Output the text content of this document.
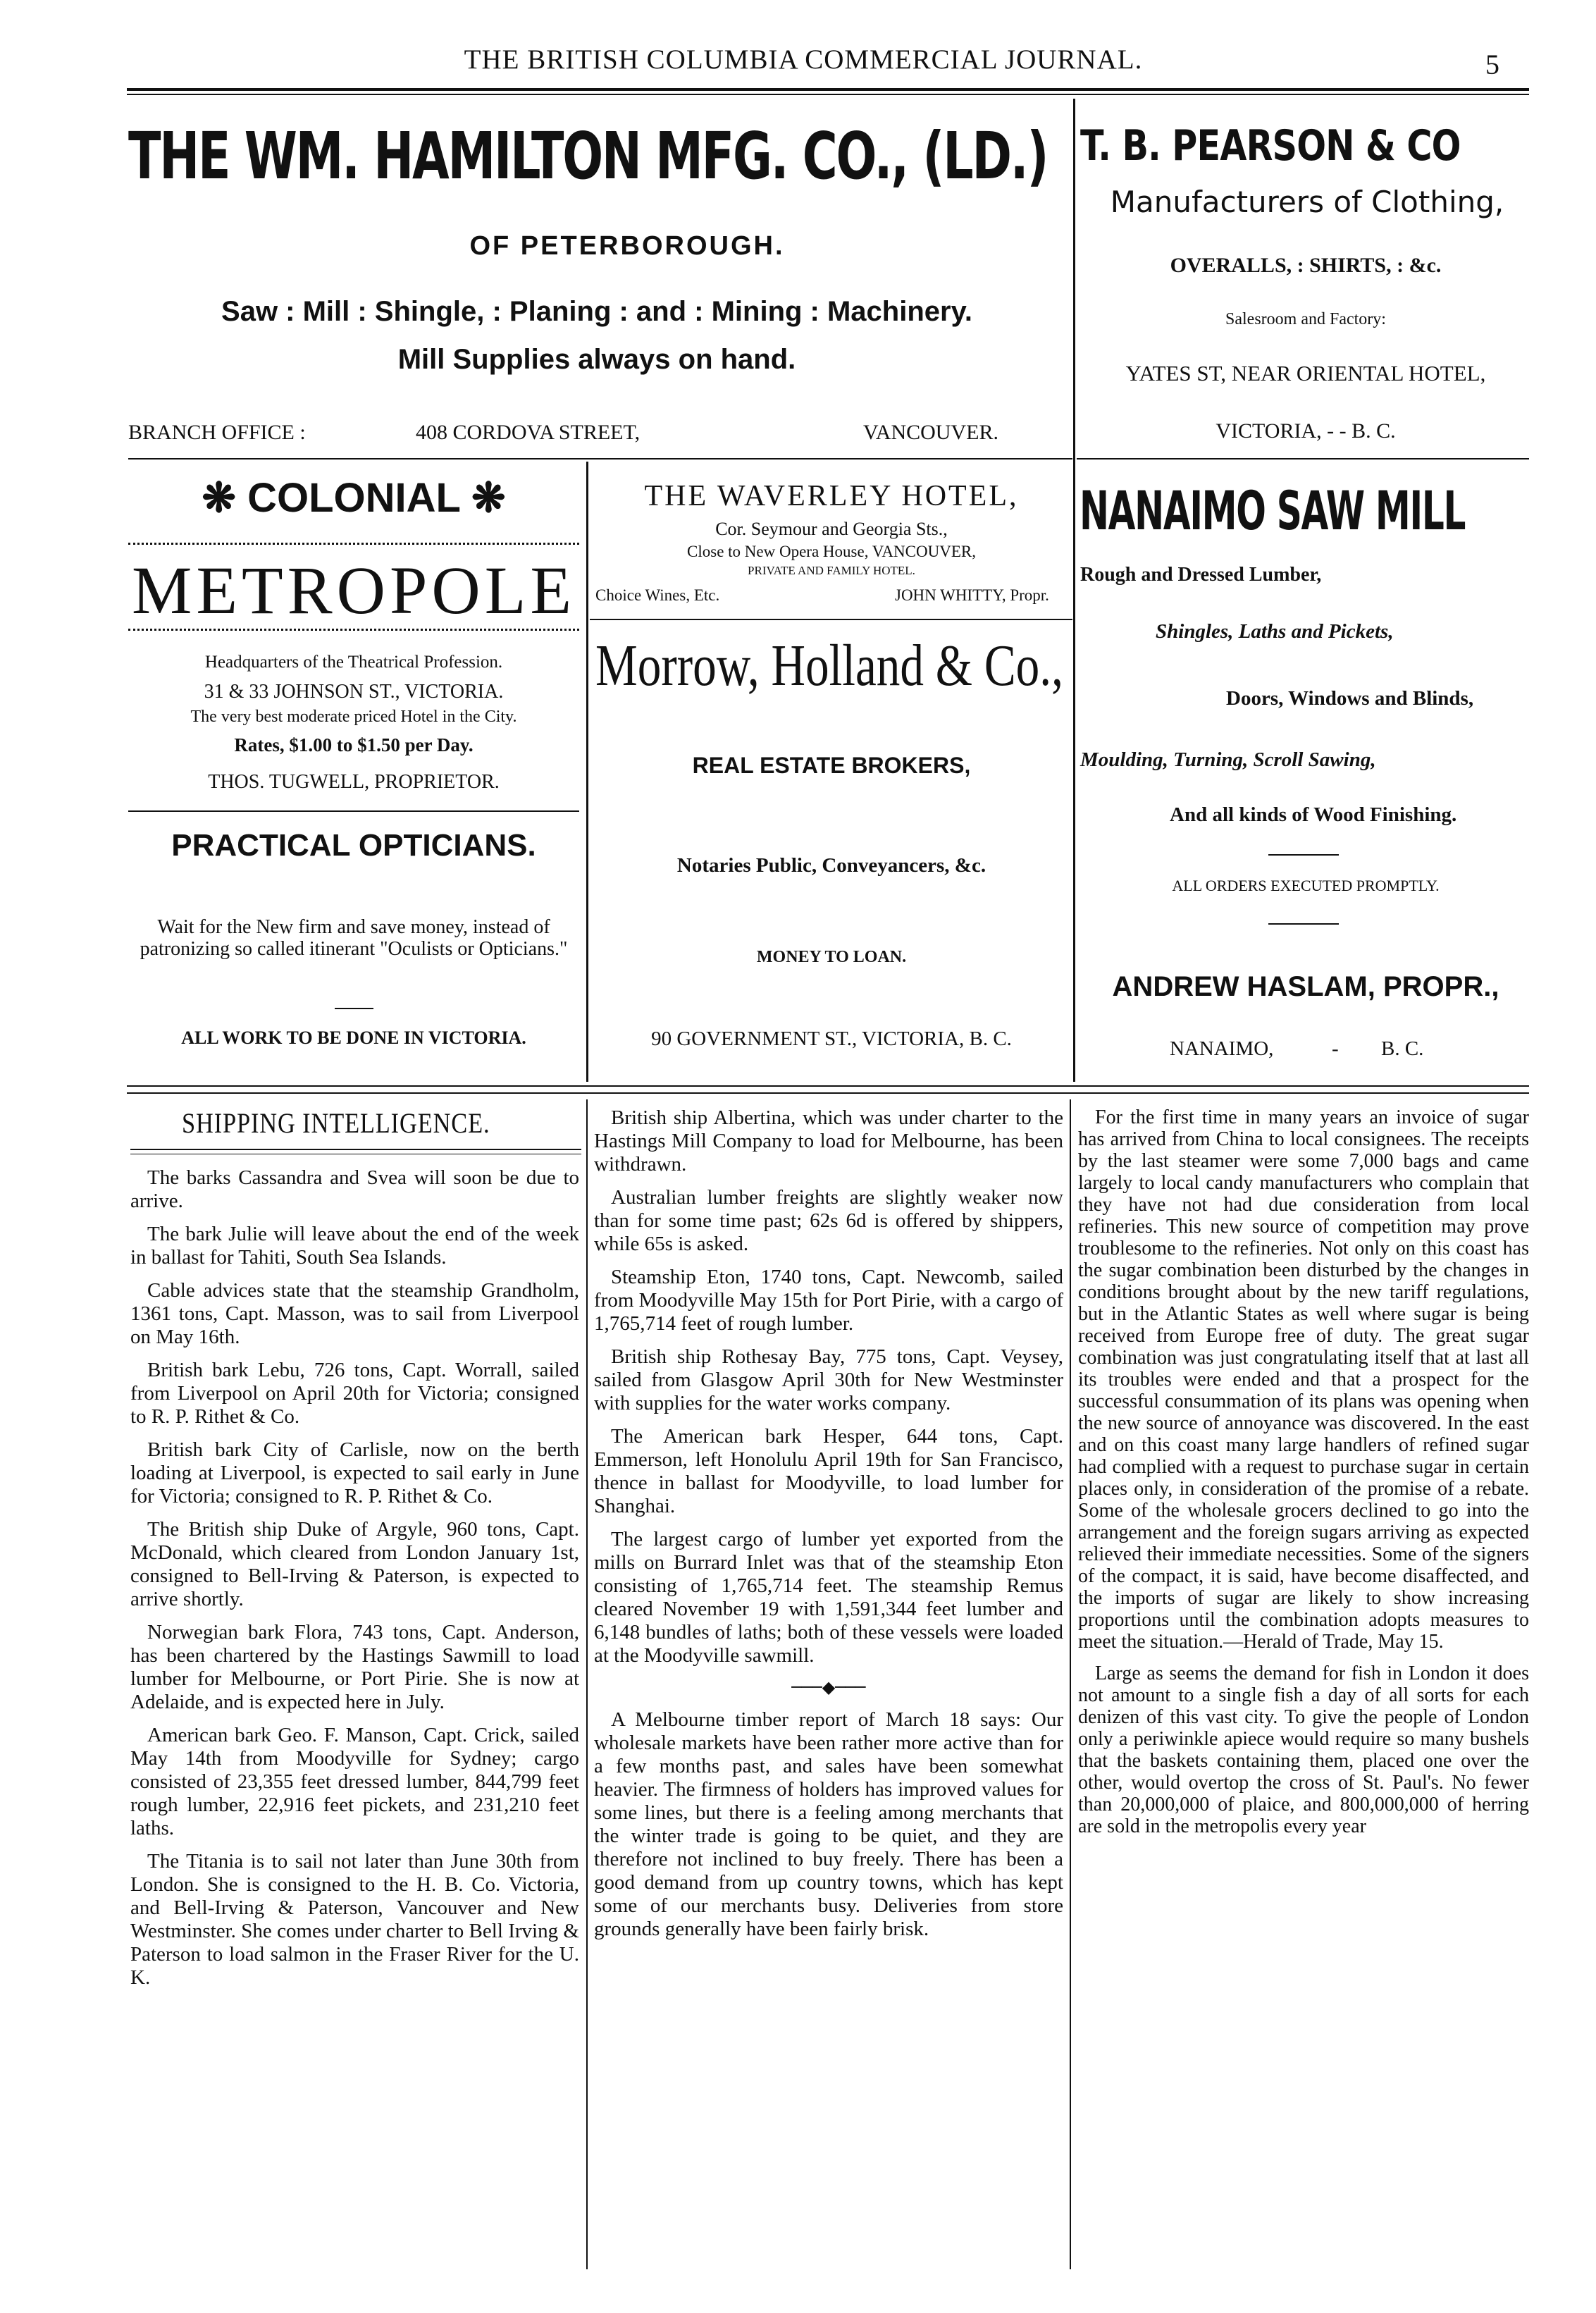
THE BRITISH COLUMBIA COMMERCIAL JOURNAL.	5
THE WM. HAMILTON MFG. CO., (LD.)
OF PETERBOROUGH.
Saw : Mill : Shingle, : Planing : and : Mining : Machinery.
Mill Supplies always on hand.
BRANCH OFFICE :	408 CORDOVA STREET,	VANCOUVER.
T. B. PEARSON & CO
Manufacturers of Clothing,
OVERALLS, : SHIRTS, : &c.
Salesroom and Factory:
YATES ST, NEAR ORIENTAL HOTEL,
VICTORIA, - - B. C.
❋ COLONIAL ❋
METROPOLE
Headquarters of the Theatrical Profession.
31 & 33 JOHNSON ST., VICTORIA.
The very best moderate priced Hotel in the City.
Rates, $1.00 to $1.50 per Day.
THOS. TUGWELL, PROPRIETOR.
PRACTICAL OPTICIANS.
Wait for the New firm and save money, instead of patronizing so called itinerant "Oculists or Opticians."
ALL WORK TO BE DONE IN VICTORIA.
THE WAVERLEY HOTEL,
Cor. Seymour and Georgia Sts.,
Close to New Opera House, VANCOUVER,
PRIVATE AND FAMILY HOTEL.
Choice Wines, Etc.	JOHN WHITTY, Propr.
Morrow, Holland & Co.,
REAL ESTATE BROKERS,
Notaries Public, Conveyancers, &c.
MONEY TO LOAN.
90 GOVERNMENT ST., VICTORIA, B. C.
NANAIMO SAW MILL
Rough and Dressed Lumber,
Shingles, Laths and Pickets,
Doors, Windows and Blinds,
Moulding, Turning, Scroll Sawing,
And all kinds of Wood Finishing.
ALL ORDERS EXECUTED PROMPTLY.
ANDREW HASLAM, PROPR.,
NANAIMO,	- B. C.
SHIPPING INTELLIGENCE.

The barks Cassandra and Svea will soon be due to arrive.

The bark Julie will leave about the end of the week in ballast for Tahiti, South Sea Islands.

Cable advices state that the steamship Grandholm, 1361 tons, Capt. Masson, was to sail from Liverpool on May 16th.

British bark Lebu, 726 tons, Capt. Worrall, sailed from Liverpool on April 20th for Victoria; consigned to R. P. Rithet & Co.

British bark City of Carlisle, now on the berth loading at Liverpool, is expected to sail early in June for Victoria; consigned to R. P. Rithet & Co.

The British ship Duke of Argyle, 960 tons, Capt. McDonald, which cleared from London January 1st, consigned to Bell-Irving & Paterson, is expected to arrive shortly.

Norwegian bark Flora, 743 tons, Capt. Anderson, has been chartered by the Hastings Sawmill to load lumber for Melbourne, or Port Pirie. She is now at Adelaide, and is expected here in July.

American bark Geo. F. Manson, Capt. Crick, sailed May 14th from Moodyville for Sydney; cargo consisted of 23,355 feet dressed lumber, 844,799 feet rough lumber, 22,916 feet pickets, and 231,210 feet laths.

The Titania is to sail not later than June 30th from London. She is consigned to the H. B. Co. Victoria, and Bell-Irving & Paterson, Vancouver and New Westminster. She comes under charter to Bell Irving & Paterson to load salmon in the Fraser River for the U. K.

British ship Albertina, which was under charter to the Hastings Mill Company to load for Melbourne, has been withdrawn.

Australian lumber freights are slightly weaker now than for some time past; 62s 6d is offered by shippers, while 65s is asked.

Steamship Eton, 1740 tons, Capt. Newcomb, sailed from Moodyville May 15th for Port Pirie, with a cargo of 1,765,714 feet of rough lumber.

British ship Rothesay Bay, 775 tons, Capt. Veysey, sailed from Glasgow April 30th for New Westminster with supplies for the water works company.

The American bark Hesper, 644 tons, Capt. Emmerson, left Honolulu April 19th for San Francisco, thence in ballast for Moodyville, to load lumber for Shanghai.

The largest cargo of lumber yet exported from the mills on Burrard Inlet was that of the steamship Eton consisting of 1,765,714 feet. The steamship Remus cleared November 19 with 1,591,344 feet lumber and 6,148 bundles of laths; both of these vessels were loaded at the Moodyville sawmill.

───◆───

A Melbourne timber report of March 18 says: Our wholesale markets have been rather more active than for a few months past, and sales have been somewhat heavier. The firmness of holders has improved values for some lines, but there is a feeling among merchants that the winter trade is going to be quiet, and they are therefore not inclined to buy freely. There has been a good demand from up country towns, which has kept some of our merchants busy. Deliveries from store grounds generally have been fairly brisk.

For the first time in many years an invoice of sugar has arrived from China to local consignees. The receipts by the last steamer were some 7,000 bags and came largely to local candy manufacturers who complain that they have not had due consideration from local refineries. This new source of competition may prove troublesome to the refineries. Not only on this coast has the sugar combination been disturbed by the changes in conditions brought about by the new tariff regulations, but in the Atlantic States as well where sugar is being received from Europe free of duty. The great sugar combination was just congratulating itself that at last all its troubles were ended and that a prospect for the successful consummation of its plans was opening when the new source of annoyance was discovered. In the east and on this coast many large handlers of refined sugar had complied with a request to purchase sugar in certain places only, in consideration of the promise of a rebate. Some of the wholesale grocers declined to go into the arrangement and the foreign sugars arriving as expected relieved their immediate necessities. Some of the signers of the compact, it is said, have become disaffected, and the imports of sugar are likely to show increasing proportions until the combination adopts measures to meet the situation.—Herald of Trade, May 15.

Large as seems the demand for fish in London it does not amount to a single fish a day of all sorts for each denizen of this vast city. To give the people of London only a periwinkle apiece would require so many bushels that the baskets containing them, placed one over the other, would overtop the cross of St. Paul's. No fewer than 20,000,000 of plaice, and 800,000,000 of herring are sold in the metropolis every year
